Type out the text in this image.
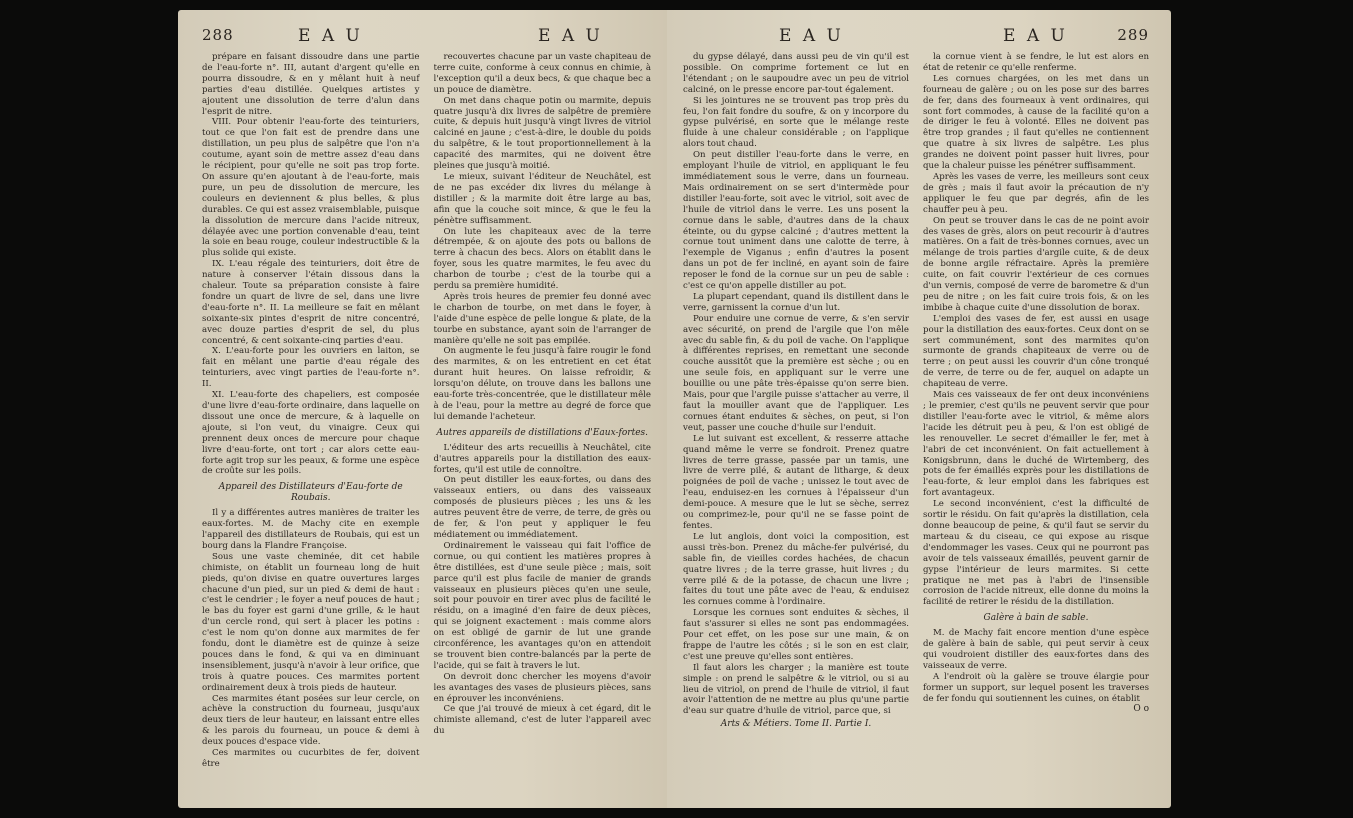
288	E A U	E A U

prépare en faisant dissoudre dans une partie de l'eau-forte n°. III, autant d'argent qu'elle en pourra dissoudre, & en y mêlant huit à neuf parties d'eau distillée. Quelques artistes y ajoutent une dissolution de terre d'alun dans l'esprit de nitre.

VIII. Pour obtenir l'eau-forte des teinturiers, tout ce que l'on fait est de prendre dans une distillation, un peu plus de salpêtre que l'on n'a coutume, ayant soin de mettre assez d'eau dans le récipient, pour qu'elle ne soit pas trop forte. On assure qu'en ajoutant à de l'eau-forte, mais pure, un peu de dissolution de mercure, les couleurs en deviennent & plus belles, & plus durables. Ce qui est assez vraisemblable, puisque la dissolution de mercure dans l'acide nitreux, délayée avec une portion convenable d'eau, teint la soie en beau rouge, couleur indestructible & la plus solide qui existe.

IX. L'eau régale des teinturiers, doit être de nature à conserver l'étain dissous dans la chaleur. Toute sa préparation consiste à faire fondre un quart de livre de sel, dans une livre d'eau-forte n°. II. La meilleure se fait en mêlant soixante-six pintes d'esprit de nitre concentré, avec douze parties d'esprit de sel, du plus concentré, & cent soixante-cinq parties d'eau.

X. L'eau-forte pour les ouvriers en laiton, se fait en mêlant une partie d'eau régale des teinturiers, avec vingt parties de l'eau-forte n°. II.

XI. L'eau-forte des chapeliers, est composée d'une livre d'eau-forte ordinaire, dans laquelle on dissout une once de mercure, & à laquelle on ajoute, si l'on veut, du vinaigre. Ceux qui prennent deux onces de mercure pour chaque livre d'eau-forte, ont tort ; car alors cette eau-forte agit trop sur les peaux, & forme une espèce de croûte sur les poils.

Appareil des Distillateurs d'Eau-forte de Roubais.

Il y a différentes autres manières de traiter les eaux-fortes. M. de Machy cite en exemple l'appareil des distillateurs de Roubais, qui est un bourg dans la Flandre Françoise.

Sous une vaste cheminée, dit cet habile chimiste, on établit un fourneau long de huit pieds, qu'on divise en quatre ouvertures larges chacune d'un pied, sur un pied & demi de haut : c'est le cendrier ; le foyer a neuf pouces de haut ; le bas du foyer est garni d'une grille, & le haut d'un cercle rond, qui sert à placer les potins : c'est le nom qu'on donne aux marmites de fer fondu, dont le diamètre est de quinze à seize pouces dans le fond, & qui va en diminuant insensiblement, jusqu'à n'avoir à leur orifice, que trois à quatre pouces. Ces marmites portent ordinairement deux à trois pieds de hauteur.

Ces marmites étant posées sur leur cercle, on achève la construction du fourneau, jusqu'aux deux tiers de leur hauteur, en laissant entre elles & les parois du fourneau, un pouce & demi à deux pouces d'espace vide.

Ces marmites ou cucurbites de fer, doivent être

recouvertes chacune par un vaste chapiteau de terre cuite, conforme à ceux connus en chimie, à l'exception qu'il a deux becs, & que chaque bec a un pouce de diamètre.

On met dans chaque potin ou marmite, depuis quatre jusqu'à dix livres de salpêtre de première cuite, & depuis huit jusqu'à vingt livres de vitriol calciné en jaune ; c'est-à-dire, le double du poids du salpêtre, & le tout proportionnellement à la capacité des marmites, qui ne doivent être pleines que jusqu'à moitié.

Le mieux, suivant l'éditeur de Neuchâtel, est de ne pas excéder dix livres du mélange à distiller ; & la marmite doit être large au bas, afin que la couche soit mince, & que le feu la pénètre suffisamment.

On lute les chapiteaux avec de la terre détrempée, & on ajoute des pots ou ballons de terre à chacun des becs. Alors on établit dans le foyer, sous les quatre marmites, le feu avec du charbon de tourbe ; c'est de la tourbe qui a perdu sa première humidité.

Après trois heures de premier feu donné avec le charbon de tourbe, on met dans le foyer, à l'aide d'une espèce de pelle longue & plate, de la tourbe en substance, ayant soin de l'arranger de manière qu'elle ne soit pas empilée.

On augmente le feu jusqu'à faire rougir le fond des marmites, & on les entretient en cet état durant huit heures. On laisse refroidir, & lorsqu'on délute, on trouve dans les ballons une eau-forte très-concentrée, que le distillateur mêle à de l'eau, pour la mettre au degré de force que lui demande l'acheteur.

Autres appareils de distillations d'Eaux-fortes.

L'éditeur des arts recueillis à Neuchâtel, cite d'autres appareils pour la distillation des eaux-fortes, qu'il est utile de connoître.

On peut distiller les eaux-fortes, ou dans des vaisseaux entiers, ou dans des vaisseaux composés de plusieurs pièces ; les uns & les autres peuvent être de verre, de terre, de grès ou de fer, & l'on peut y appliquer le feu médiatement ou immédiatement.

Ordinairement le vaisseau qui fait l'office de cornue, ou qui contient les matières propres à être distillées, est d'une seule pièce ; mais, soit parce qu'il est plus facile de manier de grands vaisseaux en plusieurs pièces qu'en une seule, soit pour pouvoir en tirer avec plus de facilité le résidu, on a imaginé d'en faire de deux pièces, qui se joignent exactement : mais comme alors on est obligé de garnir de lut une grande circonférence, les avantages qu'on en attendoit se trouvent bien contre-balancés par la perte de l'acide, qui se fait à travers le lut.

On devroit donc chercher les moyens d'avoir les avantages des vases de plusieurs pièces, sans en éprouver les inconvéniens.

Ce que j'ai trouvé de mieux à cet égard, dit le chimiste allemand, c'est de luter l'appareil avec du

E A U	E A U	289

du gypse délayé, dans aussi peu de vin qu'il est possible. On comprime fortement ce lut en l'étendant ; on le saupoudre avec un peu de vitriol calciné, on le presse encore par-tout également.

Si les jointures ne se trouvent pas trop près du feu, l'on fait fondre du soufre, & on y incorpore du gypse pulvérisé, en sorte que le mélange reste fluide à une chaleur considérable ; on l'applique alors tout chaud.

On peut distiller l'eau-forte dans le verre, en employant l'huile de vitriol, en appliquant le feu immédiatement sous le verre, dans un fourneau. Mais ordinairement on se sert d'intermède pour distiller l'eau-forte, soit avec le vitriol, soit avec de l'huile de vitriol dans le verre. Les uns posent la cornue dans le sable, d'autres dans de la chaux éteinte, ou du gypse calciné ; d'autres mettent la cornue tout uniment dans une calotte de terre, à l'exemple de Viganus ; enfin d'autres la posent dans un pot de fer incliné, en ayant soin de faire reposer le fond de la cornue sur un peu de sable : c'est ce qu'on appelle distiller au pot.

La plupart cependant, quand ils distillent dans le verre, garnissent la cornue d'un lut.

Pour enduire une cornue de verre, & s'en servir avec sécurité, on prend de l'argile que l'on mêle avec du sable fin, & du poil de vache. On l'applique à différentes reprises, en remettant une seconde couche aussitôt que la première est sèche ; ou en une seule fois, en appliquant sur le verre une bouillie ou une pâte très-épaisse qu'on serre bien. Mais, pour que l'argile puisse s'attacher au verre, il faut la mouiller avant que de l'appliquer. Les cornues étant enduites & sèches, on peut, si l'on veut, passer une couche d'huile sur l'enduit.

Le lut suivant est excellent, & resserre attache quand même le verre se fondroit. Prenez quatre livres de terre grasse, passée par un tamis, une livre de verre pilé, & autant de litharge, & deux poignées de poil de vache ; unissez le tout avec de l'eau, enduisez-en les cornues à l'épaisseur d'un demi-pouce. A mesure que le lut se sèche, serrez ou comprimez-le, pour qu'il ne se fasse point de fentes.

Le lut anglois, dont voici la composition, est aussi très-bon. Prenez du mâche-fer pulvérisé, du sable fin, de vieilles cordes hachées, de chacun quatre livres ; de la terre grasse, huit livres ; du verre pilé & de la potasse, de chacun une livre ; faites du tout une pâte avec de l'eau, & enduisez les cornues comme à l'ordinaire.

Lorsque les cornues sont enduites & sèches, il faut s'assurer si elles ne sont pas endommagées. Pour cet effet, on les pose sur une main, & on frappe de l'autre les côtés ; si le son en est clair, c'est une preuve qu'elles sont entières.

Il faut alors les charger ; la manière est toute simple : on prend le salpêtre & le vitriol, ou si au lieu de vitriol, on prend de l'huile de vitriol, il faut avoir l'attention de ne mettre au plus qu'une partie d'eau sur quatre d'huile de vitriol, parce que, si

Arts & Métiers. Tome II. Partie I.

la cornue vient à se fendre, le lut est alors en état de retenir ce qu'elle renferme.

Les cornues chargées, on les met dans un fourneau de galère ; ou on les pose sur des barres de fer, dans des fourneaux à vent ordinaires, qui sont fort commodes, à cause de la facilité qu'on a de diriger le feu à volonté. Elles ne doivent pas être trop grandes ; il faut qu'elles ne contiennent que quatre à six livres de salpêtre. Les plus grandes ne doivent point passer huit livres, pour que la chaleur puisse les pénétrer suffisamment.

Après les vases de verre, les meilleurs sont ceux de grès ; mais il faut avoir la précaution de n'y appliquer le feu que par degrés, afin de les chauffer peu à peu.

On peut se trouver dans le cas de ne point avoir des vases de grès, alors on peut recourir à d'autres matières. On a fait de très-bonnes cornues, avec un mélange de trois parties d'argile cuite, & de deux de bonne argile réfractaire. Après la première cuite, on fait couvrir l'extérieur de ces cornues d'un vernis, composé de verre de barometre & d'un peu de nitre ; on les fait cuire trois fois, & on les imbibe à chaque cuite d'une dissolution de borax.

L'emploi des vases de fer, est aussi en usage pour la distillation des eaux-fortes. Ceux dont on se sert communément, sont des marmites qu'on surmonte de grands chapiteaux de verre ou de terre ; on peut aussi les couvrir d'un cône tronqué de verre, de terre ou de fer, auquel on adapte un chapiteau de verre.

Mais ces vaisseaux de fer ont deux inconvéniens ; le premier, c'est qu'ils ne peuvent servir que pour distiller l'eau-forte avec le vitriol, & même alors l'acide les détruit peu à peu, & l'on est obligé de les renouveller. Le secret d'émailler le fer, met à l'abri de cet inconvénient. On fait actuellement à Konigsbrunn, dans le duché de Wirtemberg, des pots de fer émaillés exprès pour les distillations de l'eau-forte, & leur emploi dans les fabriques est fort avantageux.

Le second inconvénient, c'est la difficulté de sortir le résidu. On fait qu'après la distillation, cela donne beaucoup de peine, & qu'il faut se servir du marteau & du ciseau, ce qui expose au risque d'endommager les vases. Ceux qui ne pourront pas avoir de tels vaisseaux émaillés, peuvent garnir de gypse l'intérieur de leurs marmites. Si cette pratique ne met pas à l'abri de l'insensible corrosion de l'acide nitreux, elle donne du moins la facilité de retirer le résidu de la distillation.

Galère à bain de sable.

M. de Machy fait encore mention d'une espèce de galère à bain de sable, qui peut servir à ceux qui voudroient distiller des eaux-fortes dans des vaisseaux de verre.

A l'endroit où la galère se trouve élargie pour former un support, sur lequel posent les traverses de fer fondu qui soutiennent les cuines, on établit

O o
